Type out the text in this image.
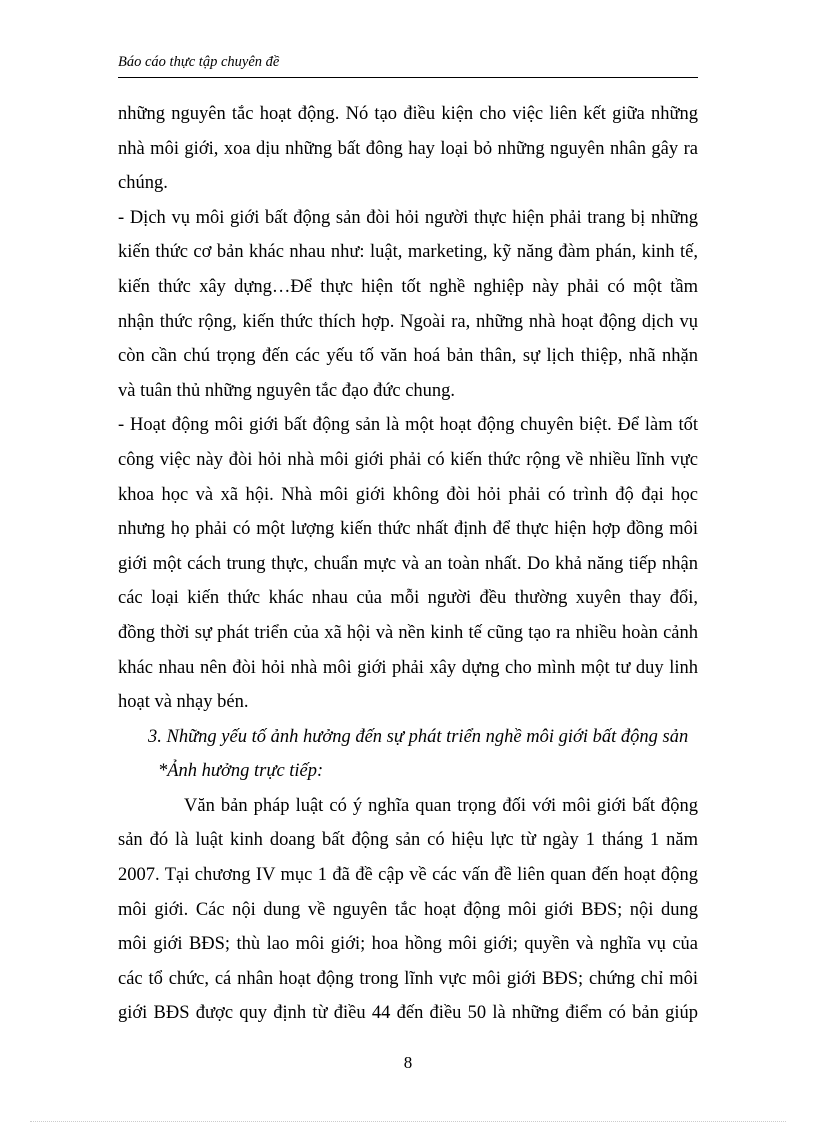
Báo cáo thực tập chuyên đề
những nguyên tắc hoạt động. Nó tạo điều kiện cho việc liên kết giữa những
nhà môi giới, xoa dịu những bất đông hay loại bỏ những nguyên nhân gây ra
chúng.
- Dịch vụ môi giới bất động sản đòi hỏi người thực hiện phải trang bị những
kiến thức cơ bản khác nhau như: luật, marketing, kỹ năng đàm phán, kinh tế,
kiến thức xây dựng…Để thực hiện tốt nghề nghiệp này phải có một tầm
nhận thức rộng, kiến thức thích hợp. Ngoài ra, những nhà hoạt động dịch vụ
còn cần chú trọng đến các yếu tố văn hoá bản thân, sự lịch thiệp, nhã nhặn
và tuân thủ những nguyên tắc đạo đức chung.
- Hoạt động môi giới bất động sản là một hoạt động chuyên biệt. Để làm tốt
công việc này đòi hỏi nhà môi giới phải có kiến thức rộng về nhiều lĩnh vực
khoa học và xã hội. Nhà môi giới không đòi hỏi phải có trình độ đại học
nhưng họ phải có một lượng kiến thức nhất định để thực hiện hợp đồng môi
giới một cách trung thực, chuẩn mực và an toàn nhất. Do khả năng tiếp nhận
các loại kiến thức khác nhau của mỗi người đều thường xuyên thay đổi,
đồng thời sự phát triển của xã hội và nền kinh tế cũng tạo ra nhiều hoàn cảnh
khác nhau nên đòi hỏi nhà môi giới phải xây dựng cho mình một tư duy linh
hoạt và nhạy bén.
3. Những yếu tố ảnh hưởng đến sự phát triển nghề môi giới bất động sản
*Ảnh hưởng trực tiếp:
Văn bản pháp luật có ý nghĩa quan trọng đối với môi giới bất động
sản đó là luật kinh doang bất động sản có hiệu lực từ ngày 1 tháng 1 năm
2007. Tại chương IV mục 1 đã đề cập về các vấn đề liên quan đến hoạt động
môi giới. Các nội dung về nguyên tắc hoạt động môi giới BĐS; nội dung
môi giới BĐS; thù lao môi giới; hoa hồng môi giới; quyền và nghĩa vụ của
các tổ chức, cá nhân hoạt động trong lĩnh vực môi giới BĐS; chứng chỉ môi
giới BĐS được quy định từ điều 44 đến điều 50 là những điểm có bản giúp
8
